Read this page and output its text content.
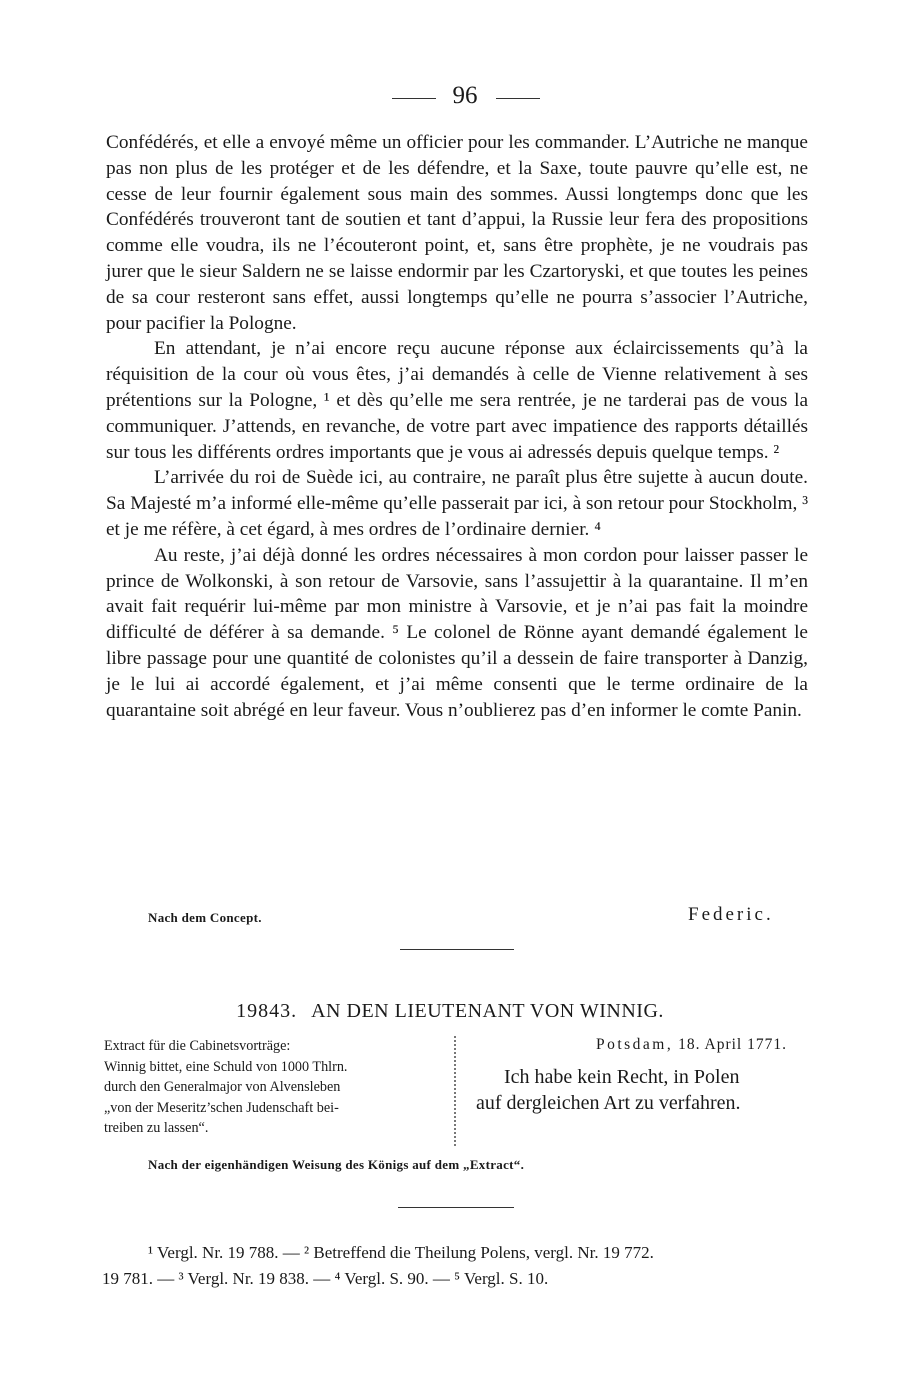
96

Confédérés, et elle a envoyé même un officier pour les commander. L’Autriche ne manque pas non plus de les protéger et de les défendre, et la Saxe, toute pauvre qu’elle est, ne cesse de leur fournir également sous main des sommes. Aussi longtemps donc que les Confédérés trouveront tant de soutien et tant d’appui, la Russie leur fera des propositions comme elle voudra, ils ne l’écouteront point, et, sans être prophète, je ne voudrais pas jurer que le sieur Saldern ne se laisse endormir par les Czartoryski, et que toutes les peines de sa cour resteront sans effet, aussi longtemps qu’elle ne pourra s’associer l’Autriche, pour pacifier la Pologne.

En attendant, je n’ai encore reçu aucune réponse aux éclaircissements qu’à la réquisition de la cour où vous êtes, j’ai demandés à celle de Vienne relativement à ses prétentions sur la Pologne, ¹ et dès qu’elle me sera rentrée, je ne tarderai pas de vous la communiquer. J’attends, en revanche, de votre part avec impatience des rapports détaillés sur tous les différents ordres importants que je vous ai adressés depuis quelque temps. ²

L’arrivée du roi de Suède ici, au contraire, ne paraît plus être sujette à aucun doute. Sa Majesté m’a informé elle-même qu’elle passerait par ici, à son retour pour Stockholm, ³ et je me réfère, à cet égard, à mes ordres de l’ordinaire dernier. ⁴

Au reste, j’ai déjà donné les ordres nécessaires à mon cordon pour laisser passer le prince de Wolkonski, à son retour de Varsovie, sans l’assujettir à la quarantaine. Il m’en avait fait requérir lui-même par mon ministre à Varsovie, et je n’ai pas fait la moindre difficulté de déférer à sa demande. ⁵ Le colonel de Rönne ayant demandé également le libre passage pour une quantité de colonistes qu’il a dessein de faire transporter à Danzig, je le lui ai accordé également, et j’ai même consenti que le terme ordinaire de la quarantaine soit abrégé en leur faveur. Vous n’oublierez pas d’en informer le comte Panin.

Nach dem Concept.	Federic.
19843. AN DEN LIEUTENANT VON WINNIG.
Extract für die Cabinetsvorträge:
Winnig bittet, eine Schuld von 1000 Thlrn.
durch den Generalmajor von Alvensleben
„von der Meseritz’schen Judenschaft bei-
treiben zu lassen“.
Potsdam, 18. April 1771.
Ich habe kein Recht, in Polen
auf dergleichen Art zu verfahren.
Nach der eigenhändigen Weisung des Königs auf dem „Extract“.
¹ Vergl. Nr. 19 788. — ² Betreffend die Theilung Polens, vergl. Nr. 19 772.
19 781. — ³ Vergl. Nr. 19 838. — ⁴ Vergl. S. 90. — ⁵ Vergl. S. 10.
